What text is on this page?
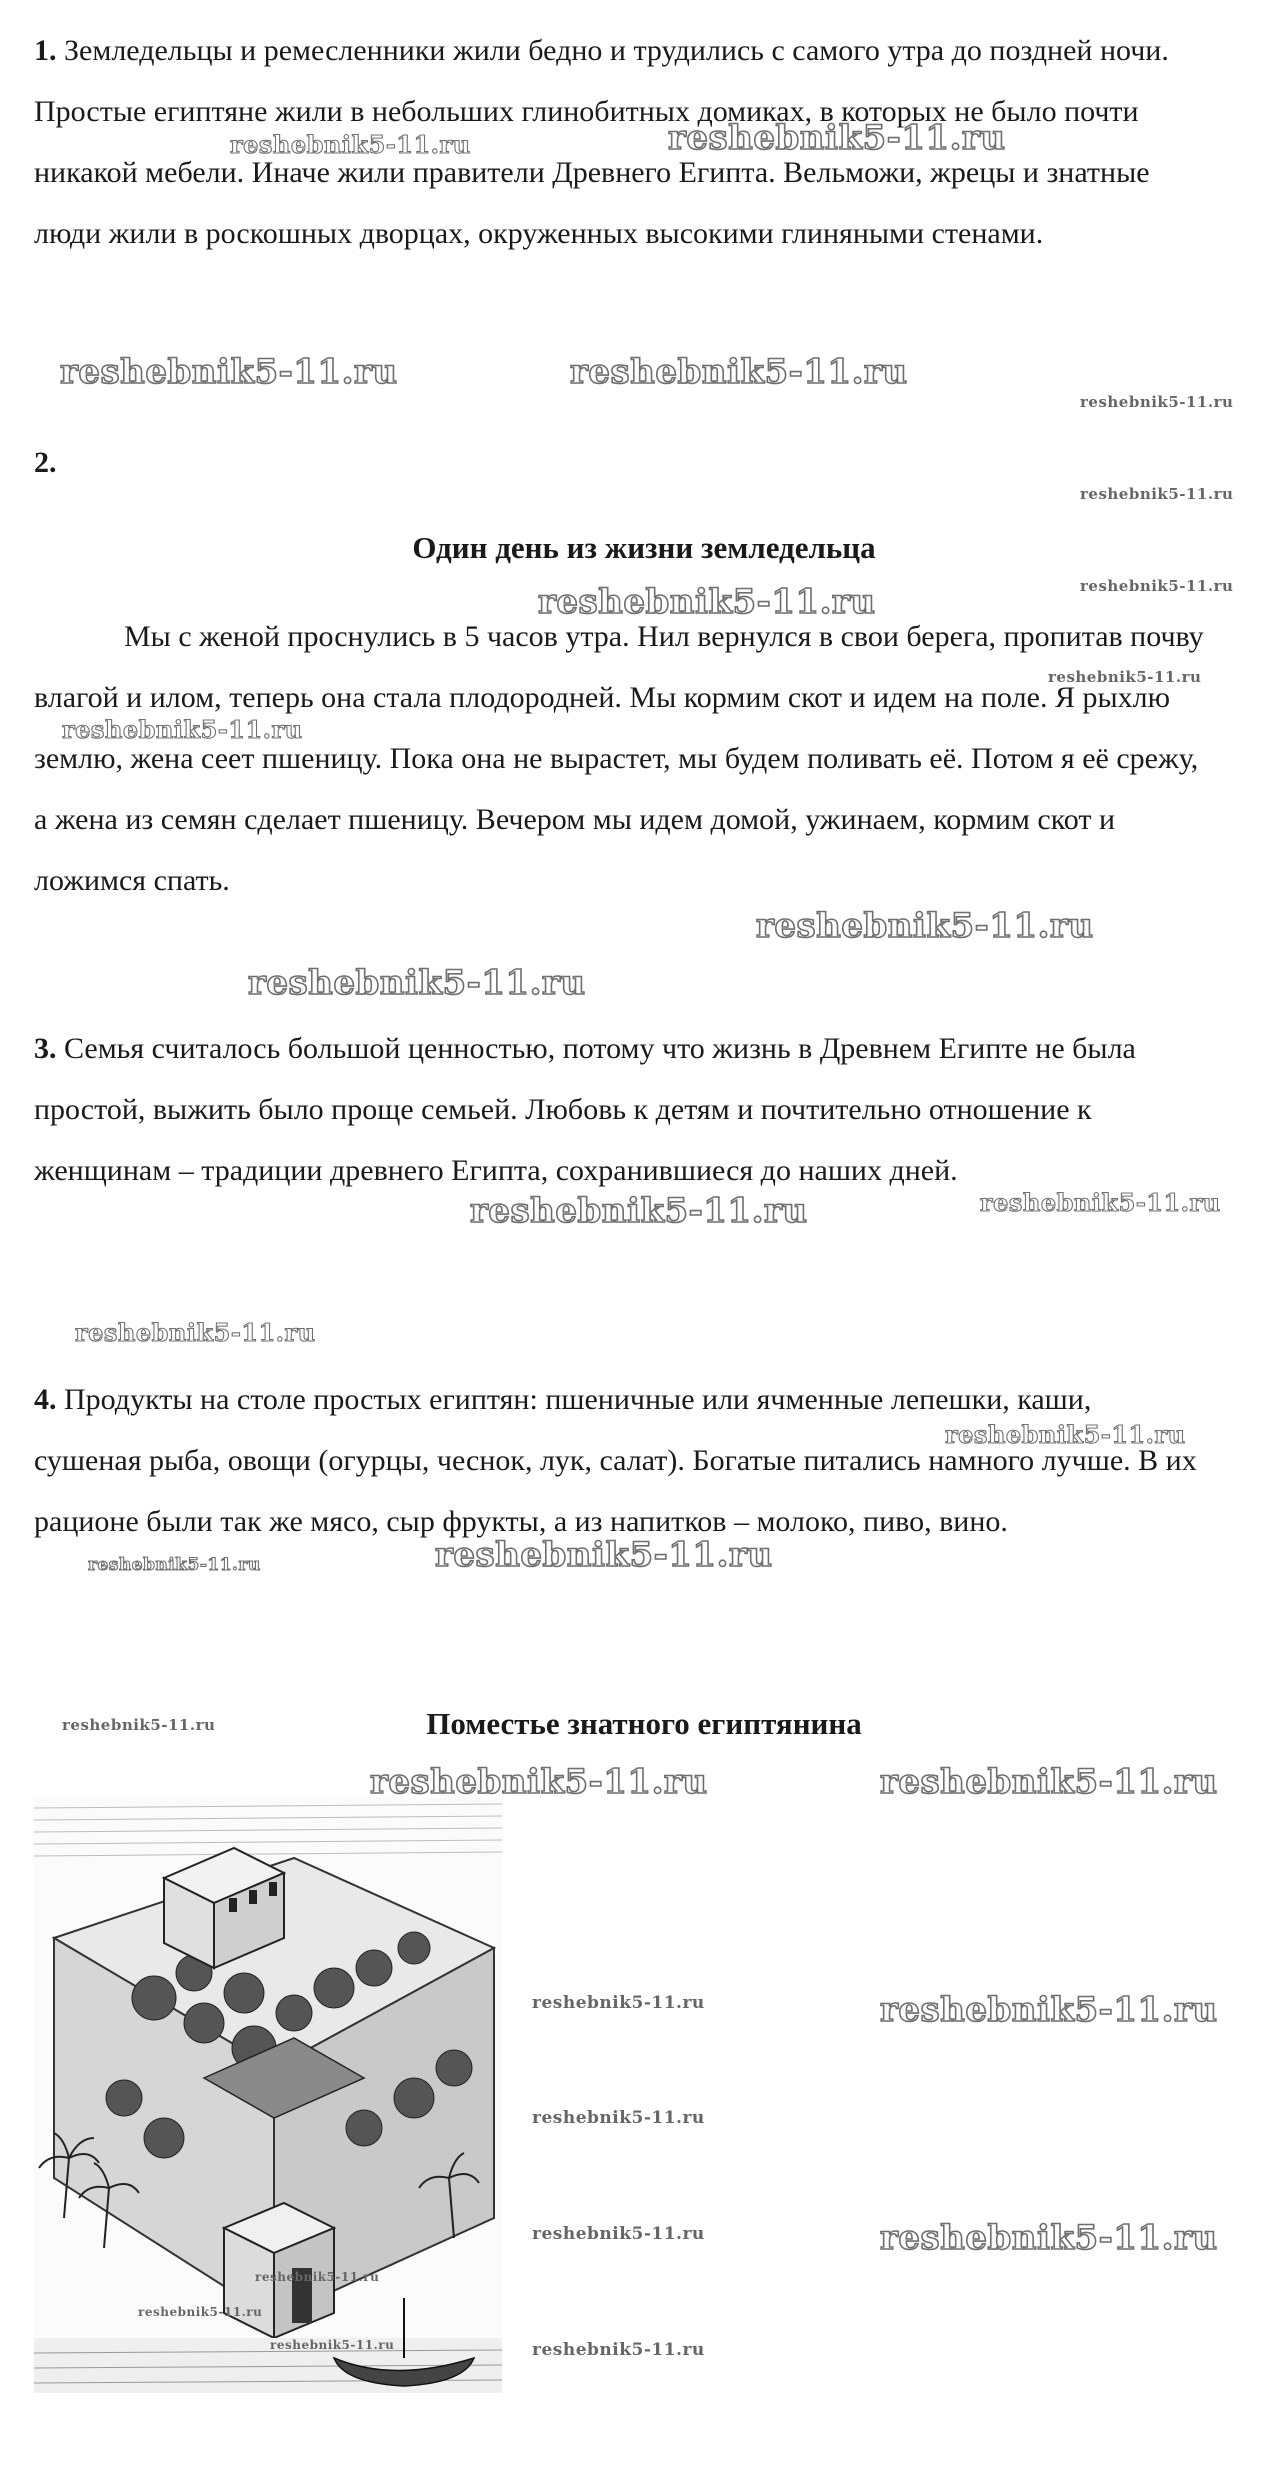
1. Земледельцы и ремесленники жили бедно и трудились с самого утра до поздней ночи. Простые египтяне жили в небольших глинобитных домиках, в которых не было почти никакой мебели. Иначе жили правители Древнего Египта. Вельможи, жрецы и знатные люди жили в роскошных дворцах, окруженных высокими глиняными стенами.

2.

Один день из жизни земледельца

Мы с женой проснулись в 5 часов утра. Нил вернулся в свои берега, пропитав почву влагой и илом, теперь она стала плодородней. Мы кормим скот и идем на поле. Я рыхлю землю, жена сеет пшеницу. Пока она не вырастет, мы будем поливать её. Потом я её срежу, а жена из семян сделает пшеницу. Вечером мы идем домой, ужинаем, кормим скот и ложимся спать.

3. Семья считалось большой ценностью, потому что жизнь в Древнем Египте не была простой, выжить было проще семьей. Любовь к детям и почтительно отношение к женщинам – традиции древнего Египта, сохранившиеся до наших дней.

4. Продукты на столе простых египтян: пшеничные или ячменные лепешки, каши, сушеная рыба, овощи (огурцы, чеснок, лук, салат). Богатые питались намного лучше. В их рационе были так же мясо, сыр фрукты, а из напитков – молоко, пиво, вино.

Поместье знатного египтянина
reshebnik5-11.ru	reshebnik5-11.ru
reshebnik5-11.ru	reshebnik5-11.ru
reshebnik5-11.ru
reshebnik5-11.ru
reshebnik5-11.ru
reshebnik5-11.ru
reshebnik5-11.ru
reshebnik5-11.ru
reshebnik5-11.ru
reshebnik5-11.ru
reshebnik5-11.ru	reshebnik5-11.ru
reshebnik5-11.ru
reshebnik5-11.ru
reshebnik5-11.ru
reshebnik5-11.ru
reshebnik5-11.ru
reshebnik5-11.ru	reshebnik5-11.ru
reshebnik5-11.ru	reshebnik5-11.ru
reshebnik5-11.ru
reshebnik5-11.ru	reshebnik5-11.ru
reshebnik5-11.ru
reshebnik5-11.ru
reshebnik5-11.ru
reshebnik5-11.ru
